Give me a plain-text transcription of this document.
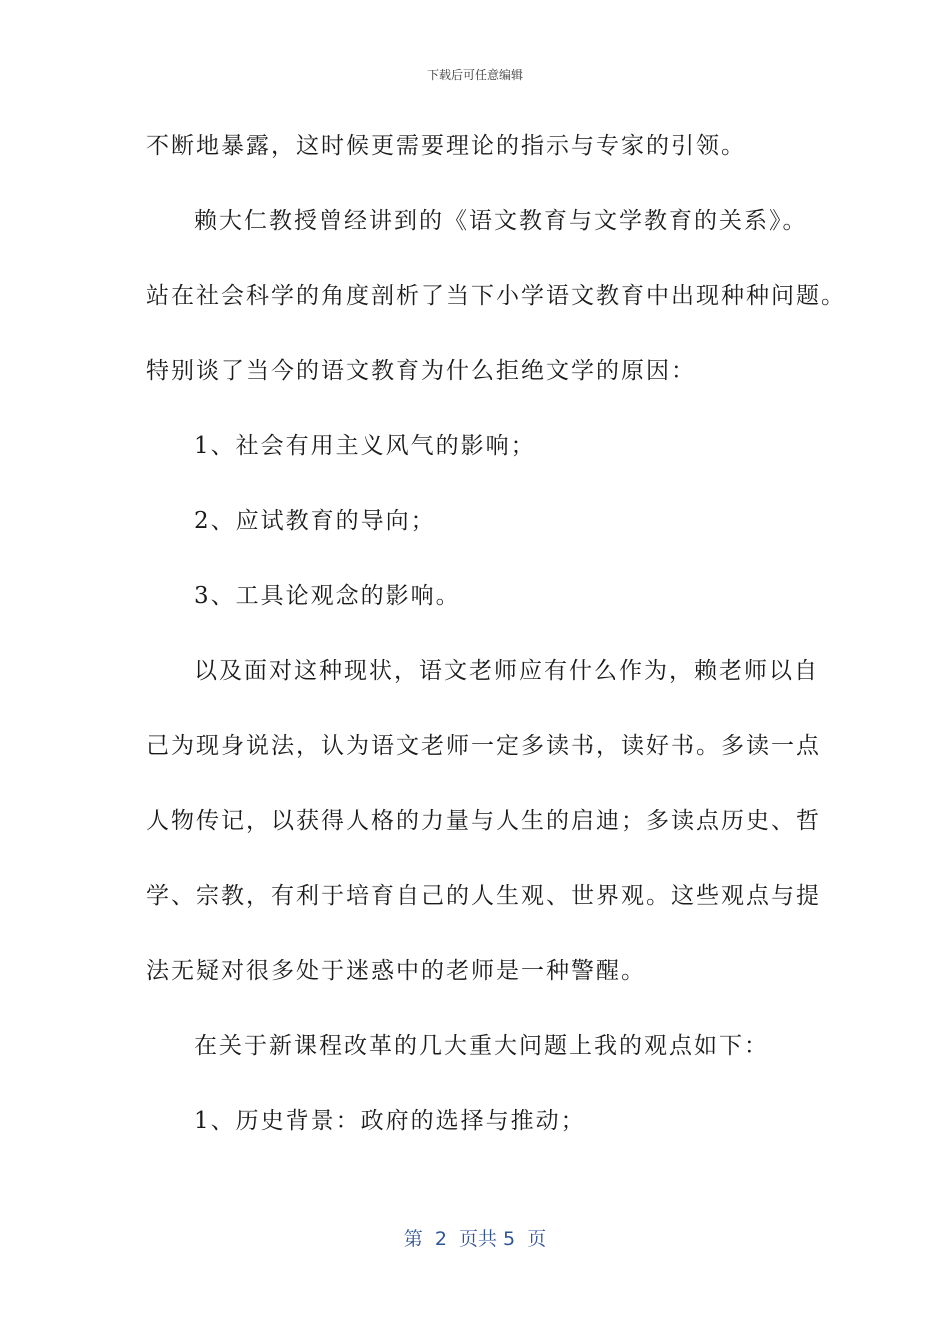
下载后可任意编辑
不断地暴露，这时候更需要理论的指示与专家的引领。
赖大仁教授曾经讲到的《语文教育与文学教育的关系》。
站在社会科学的角度剖析了当下小学语文教育中出现种种问题。
特别谈了当今的语文教育为什么拒绝文学的原因：
1、社会有用主义风气的影响；
2、应试教育的导向；
3、工具论观念的影响。
以及面对这种现状，语文老师应有什么作为，赖老师以自
己为现身说法，认为语文老师一定多读书，读好书。多读一点
人物传记，以获得人格的力量与人生的启迪；多读点历史、哲
学、宗教，有利于培育自己的人生观、世界观。这些观点与提
法无疑对很多处于迷惑中的老师是一种警醒。
在关于新课程改革的几大重大问题上我的观点如下：
1、历史背景：政府的选择与推动；
第  2  页共 5  页
